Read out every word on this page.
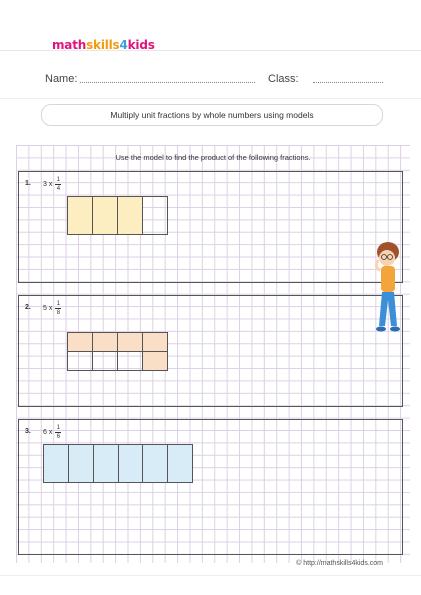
mathskills4kids
Name:	Class:
Multiply unit fractions by whole numbers using models
Use the model to find the product of the following fractions.
1. 3
x $\frac{1}{4}$
2. 5
x $\frac{1}{8}$
3. 6
x $\frac{1}{6}$
© http://mathskills4kids.com
